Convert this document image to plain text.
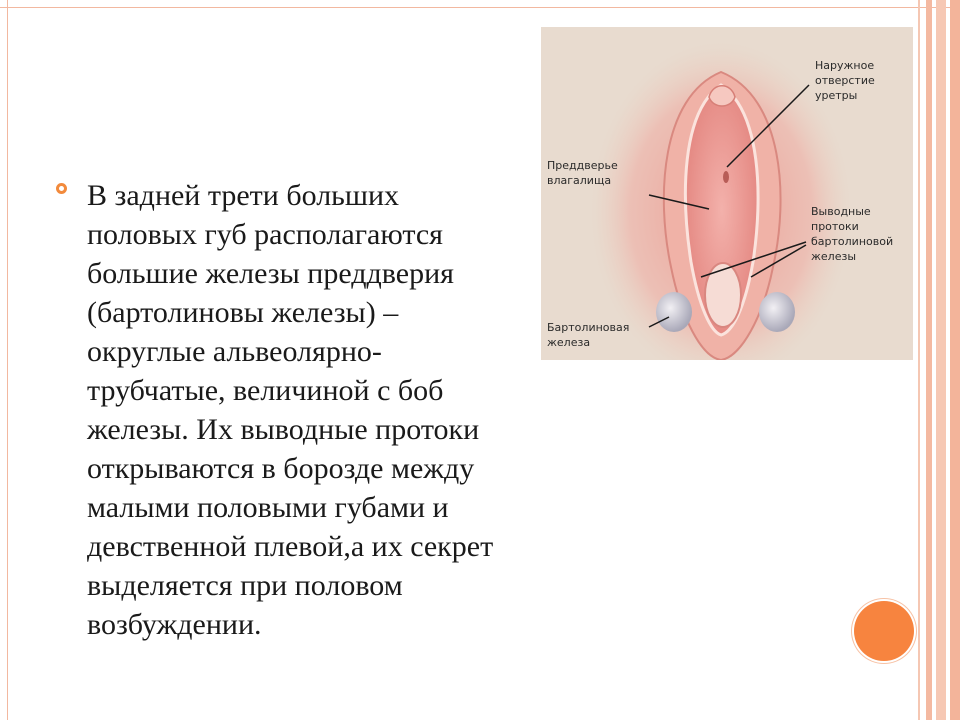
В задней трети больших
половых губ располагаются
большие железы преддверия
(бартолиновы железы) –
округлые альвеолярно-
трубчатые, величиной с боб
железы. Их выводные протоки
открываются в борозде между
малыми половыми губами и
девственной плевой,а их секрет
выделяется при половом
возбуждении.
Наружное
отверстие
уретры
Преддверье
влагалища
Выводные
протоки
бартолиновой
железы
Бартолиновая
железа
